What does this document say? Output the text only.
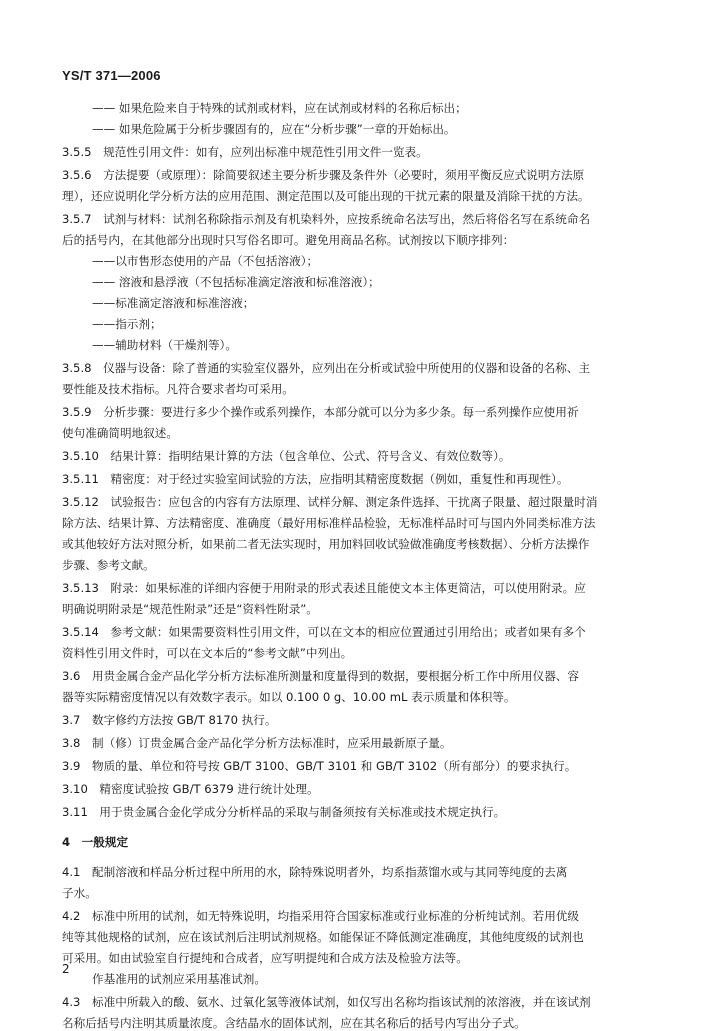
YS/T 371—2006
—— 如果危险来自于特殊的试剂或材料，应在试剂或材料的名称后标出；
—— 如果危险属于分析步骤固有的，应在“分析步骤”一章的开始标出。
3.5.5　规范性引用文件：如有，应列出标准中规范性引用文件一览表。
3.5.6　方法提要（或原理）：除简要叙述主要分析步骤及条件外（必要时，须用平衡反应式说明方法原
理），还应说明化学分析方法的应用范围、测定范围以及可能出现的干扰元素的限量及消除干扰的方法。
3.5.7　试剂与材料：试剂名称除指示剂及有机染料外，应按系统命名法写出，然后将俗名写在系统命名
后的括号内，在其他部分出现时只写俗名即可。避免用商品名称。试剂按以下顺序排列：
——以市售形态使用的产品（不包括溶液）；
—— 溶液和悬浮液（不包括标准滴定溶液和标准溶液）；
——标准滴定溶液和标准溶液；
——指示剂；
——辅助材料（干燥剂等）。
3.5.8　仪器与设备：除了普通的实验室仪器外，应列出在分析或试验中所使用的仪器和设备的名称、主
要性能及技术指标。凡符合要求者均可采用。
3.5.9　分析步骤：要进行多少个操作或系列操作，本部分就可以分为多少条。每一系列操作应使用祈
使句准确简明地叙述。
3.5.10　结果计算：指明结果计算的方法（包含单位、公式、符号含义、有效位数等）。
3.5.11　精密度：对于经过实验室间试验的方法，应指明其精密度数据（例如，重复性和再现性）。
3.5.12　试验报告：应包含的内容有方法原理、试样分解、测定条件选择、干扰离子限量、超过限量时消
除方法、结果计算、方法精密度、准确度（最好用标准样品检验，无标准样品时可与国内外同类标准方法
或其他较好方法对照分析，如果前二者无法实现时，用加料回收试验做准确度考核数据）、分析方法操作
步骤、参考文献。
3.5.13　附录：如果标准的详细内容便于用附录的形式表述且能使文本主体更简洁，可以使用附录。应
明确说明附录是“规范性附录”还是“资料性附录”。
3.5.14　参考文献：如果需要资料性引用文件，可以在文本的相应位置通过引用给出；或者如果有多个
资料性引用文件时，可以在文本后的“参考文献”中列出。
3.6　用贵金属合金产品化学分析方法标准所测量和度量得到的数据，要根据分析工作中所用仪器、容
器等实际精密度情况以有效数字表示。如以 0.100 0 g、10.00 mL 表示质量和体积等。
3.7　数字修约方法按 GB/T 8170 执行。
3.8　制（修）订贵金属合金产品化学分析方法标准时，应采用最新原子量。
3.9　物质的量、单位和符号按 GB/T 3100、GB/T 3101 和 GB/T 3102（所有部分）的要求执行。
3.10　精密度试验按 GB/T 6379 进行统计处理。
3.11　用于贵金属合金化学成分分析样品的采取与制备须按有关标准或技术规定执行。
4　一般规定
4.1　配制溶液和样品分析过程中所用的水，除特殊说明者外，均系指蒸馏水或与其同等纯度的去离
子水。
4.2　标准中所用的试剂，如无特殊说明，均指采用符合国家标准或行业标准的分析纯试剂。若用优级
纯等其他规格的试剂，应在该试剂后注明试剂规格。如能保证不降低测定准确度，其他纯度级的试剂也
可采用。如由试验室自行提纯和合成者，应写明提纯和合成方法及检验方法等。
作基准用的试剂应采用基准试剂。
4.3　标准中所载入的酸、氨水、过氧化氢等液体试剂，如仅写出名称均指该试剂的浓溶液，并在该试剂
名称后括号内注明其质量浓度。含结晶水的固体试剂，应在其名称后的括号内写出分子式。
2
